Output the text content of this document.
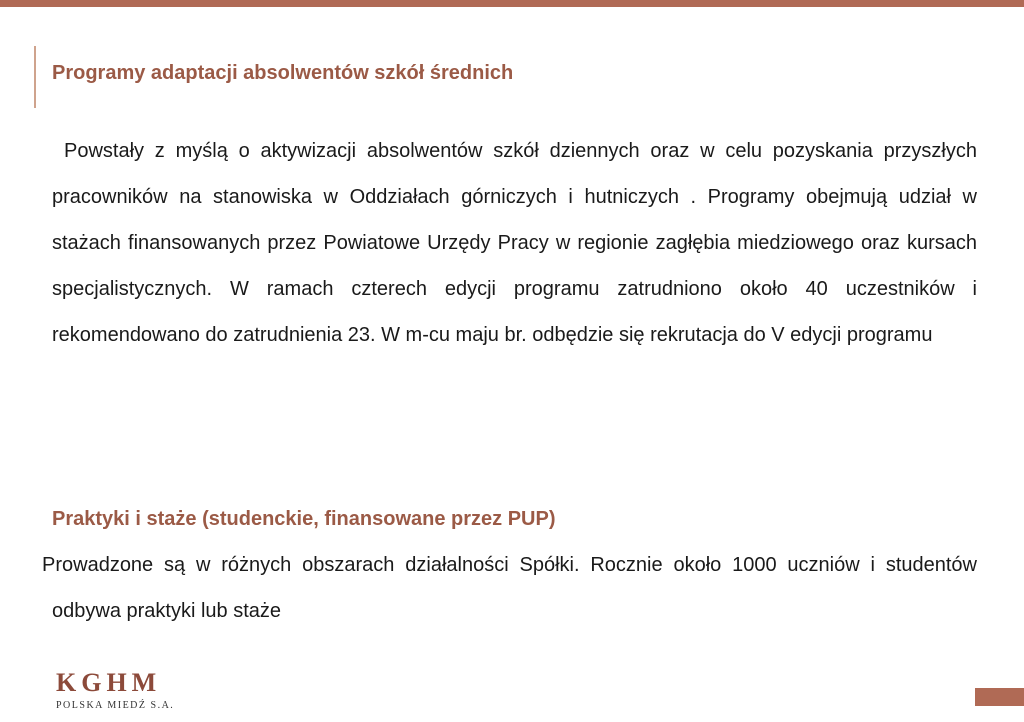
Programy adaptacji absolwentów szkół średnich
Powstały z myślą o aktywizacji absolwentów szkół dziennych oraz w celu pozyskania przyszłych pracowników na stanowiska w Oddziałach górniczych i hutniczych . Programy obejmują udział w stażach finansowanych przez Powiatowe Urzędy Pracy w regionie zagłębia miedziowego oraz kursach specjalistycznych. W ramach czterech edycji programu zatrudniono około 40 uczestników i rekomendowano do zatrudnienia 23. W m-cu maju br. odbędzie się rekrutacja do V edycji programu
Praktyki i staże (studenckie, finansowane przez PUP)
Prowadzone są w różnych obszarach działalności Spółki. Rocznie około 1000 uczniów i studentów odbywa praktyki lub staże
KGHM
POLSKA MIEDŹ S.A.
